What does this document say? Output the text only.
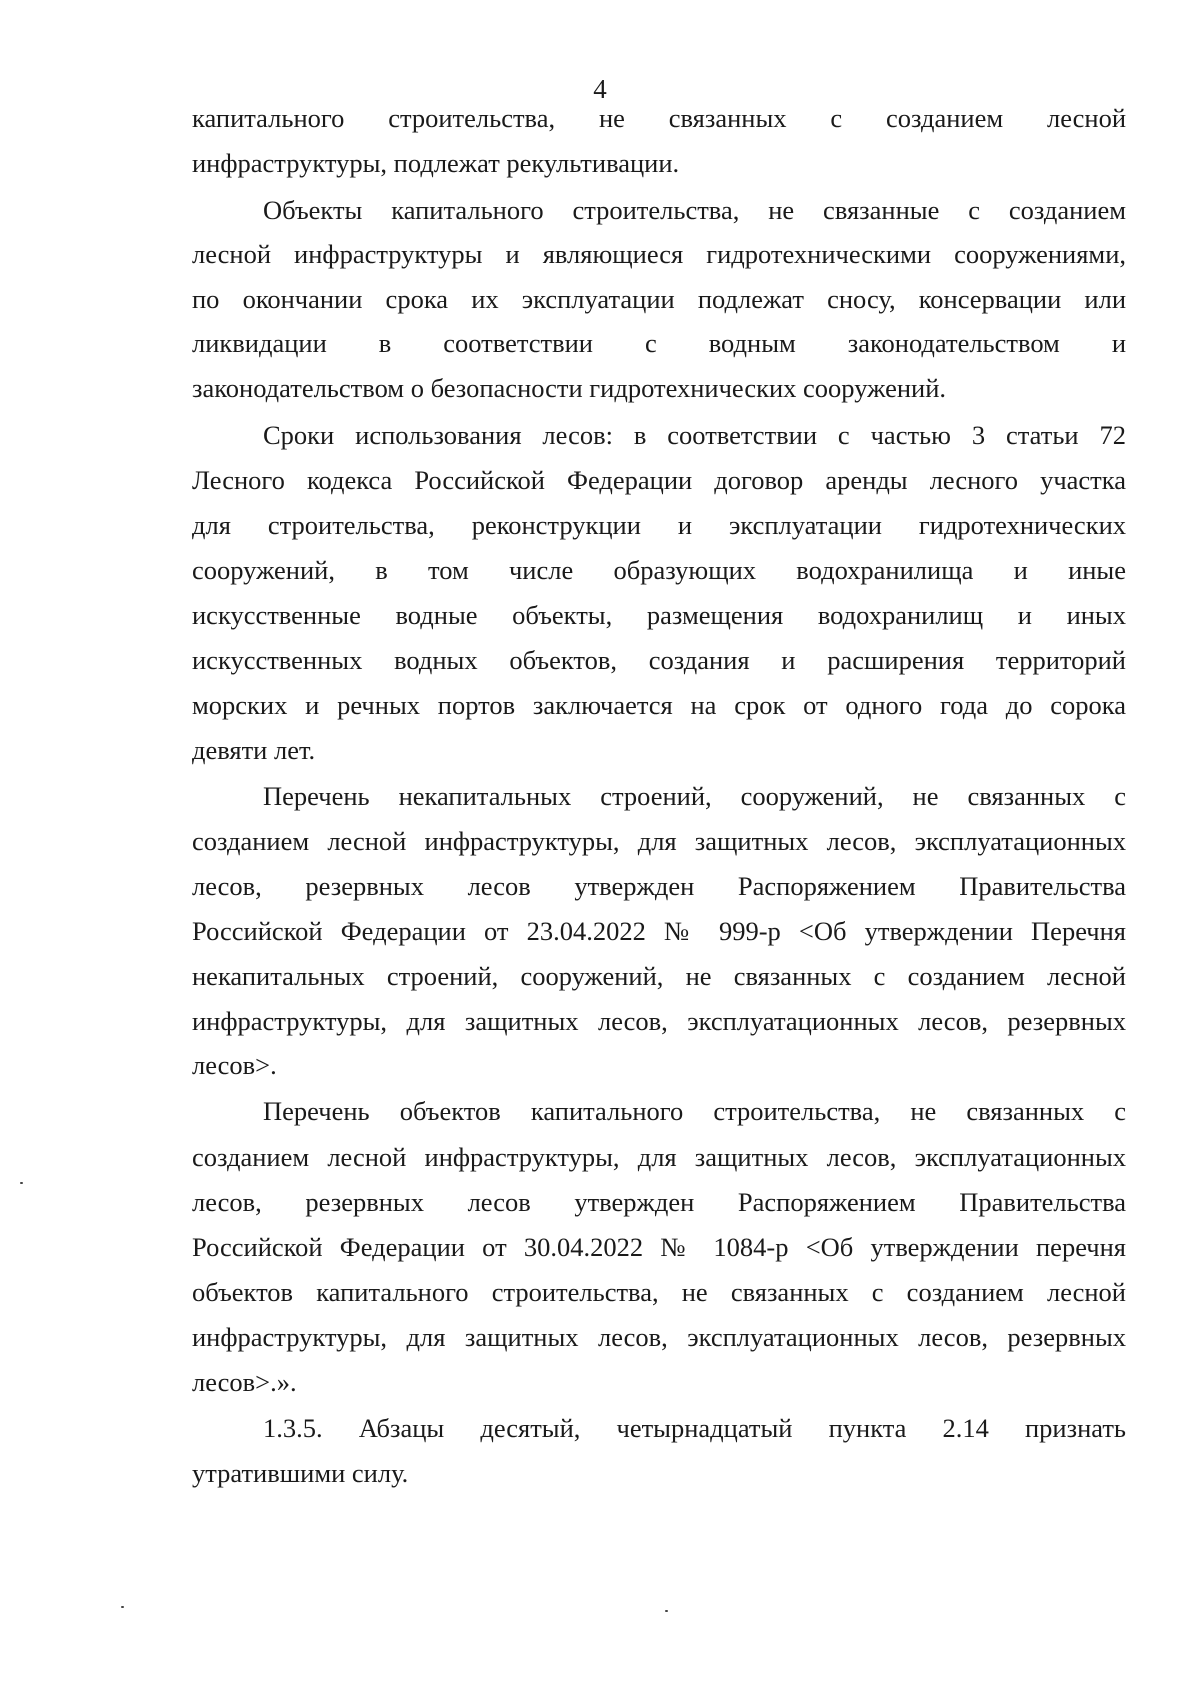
4
капитального строительства, не связанных с созданием лесной
инфраструктуры, подлежат рекультивации.
Объекты капитального строительства, не связанные с созданием
лесной инфраструктуры и являющиеся гидротехническими сооружениями,
по окончании срока их эксплуатации подлежат сносу, консервации или
ликвидации в соответствии с водным законодательством и
законодательством о безопасности гидротехнических сооружений.
Сроки использования лесов: в соответствии с частью 3 статьи 72
Лесного кодекса Российской Федерации договор аренды лесного участка
для строительства, реконструкции и эксплуатации гидротехнических
сооружений, в том числе образующих водохранилища и иные
искусственные водные объекты, размещения водохранилищ и иных
искусственных водных объектов, создания и расширения территорий
морских и речных портов заключается на срок от одного года до сорока
девяти лет.
Перечень некапитальных строений, сооружений, не связанных с
созданием лесной инфраструктуры, для защитных лесов, эксплуатационных
лесов, резервных лесов утвержден Распоряжением Правительства
Российской Федерации от 23.04.2022 № 999-р <Об утверждении Перечня
некапитальных строений, сооружений, не связанных с созданием лесной
инфраструктуры, для защитных лесов, эксплуатационных лесов, резервных
лесов>.
Перечень объектов капитального строительства, не связанных с
созданием лесной инфраструктуры, для защитных лесов, эксплуатационных
лесов, резервных лесов утвержден Распоряжением Правительства
Российской Федерации от 30.04.2022 № 1084-р <Об утверждении перечня
объектов капитального строительства, не связанных с созданием лесной
инфраструктуры, для защитных лесов, эксплуатационных лесов, резервных
лесов>.».
1.3.5. Абзацы десятый, четырнадцатый пункта 2.14 признать
утратившими силу.
